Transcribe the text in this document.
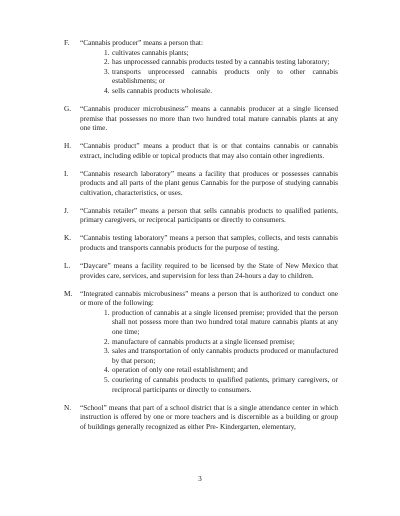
F.	“Cannabis producer” means a person that:
1. cultivates cannabis plants;
2. has unprocessed cannabis products tested by a cannabis testing laboratory;
3. transports unprocessed cannabis products only to other cannabis establishments; or
4. sells cannabis products wholesale.
G.	“Cannabis producer microbusiness” means a cannabis producer at a single licensed premise that possesses no more than two hundred total mature cannabis plants at any one time.
H.	“Cannabis product” means a product that is or that contains cannabis or cannabis extract, including edible or topical products that may also contain other ingredients.
I.	“Cannabis research laboratory” means a facility that produces or possesses cannabis products and all parts of the plant genus Cannabis for the purpose of studying cannabis cultivation, characteristics, or uses.
J.	“Cannabis retailer” means a person that sells cannabis products to qualified patients, primary caregivers, or reciprocal participants or directly to consumers.
K.	“Cannabis testing laboratory” means a person that samples, collects, and tests cannabis products and transports cannabis products for the purpose of testing.
L.	“Daycare” means a facility required to be licensed by the State of New Mexico that provides care, services, and supervision for less than 24-hours a day to children.
M.	“Integrated cannabis microbusiness” means a person that is authorized to conduct one or more of the following:
1. production of cannabis at a single licensed premise; provided that the person shall not possess more than two hundred total mature cannabis plants at any one time;
2. manufacture of cannabis products at a single licensed premise;
3. sales and transportation of only cannabis products produced or manufactured by that person;
4. operation of only one retail establishment; and
5. couriering of cannabis products to qualified patients, primary caregivers, or reciprocal participants or directly to consumers.
N.	“School” means that part of a school district that is a single attendance center in which instruction is offered by one or more teachers and is discernible as a building or group of buildings generally recognized as either Pre- Kindergarten, elementary,
3
